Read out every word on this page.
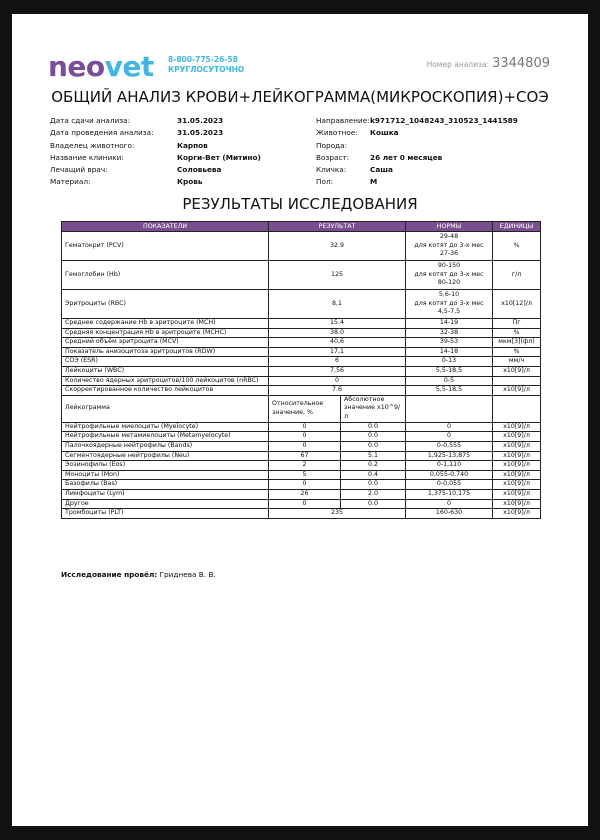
neovet 8-800-775-26-58
КРУГЛОСУТОЧНО
Номер анализа: 3344809
ОБЩИЙ АНАЛИЗ КРОВИ+ЛЕЙКОГРАММА(МИКРОСКОПИЯ)+СОЭ
Дата сдачи анализа:	31.05.2023
Дата проведения анализа:	31.05.2023
Владелец животного:	Карпов
Название клиники:	Корги-Вет (Митино)
Лечащий врач:	Соловьева
Материал:	Кровь
Направление: k971712_1048243_310523_1441589
Животное:	Кошка
Порода:
Возраст:	26 лет 0 месяцев
Кличка:	Саша
Пол:	М
РЕЗУЛЬТАТЫ ИССЛЕДОВАНИЯ
ПОКАЗАТЕЛИ	РЕЗУЛЬТАТ		НОРМЫ	ЕДИНИЦЫ
Гематокрит (PCV)	32.9		29-48
для котят до 3-х мес
27-36	%
Гемоглобин (Hb)	125		90-150
для котят до 3-х мес
80-120	г/л
Эритроциты (RBC)	8,1		5,6-10
для котят до 3-х мес
4,5-7,5	x10[12]/л
Среднее содержание Hb в эритроците (MCH)	15.4		14-19	Пг
Средняя концентрация Hb в эритроците (MCHC)	38.0		32-38	%
Средний объём эритроцита (MCV)	40,6		39-53	мкм[3](фл)
Показатель анизоцитоза эритроцитов (RDW)	17,1		14-18	%
СОЭ (ESR)	6		0-13	мм/ч
Лейкоциты (WBC)	7,56		5,5-18,5	x10[9]/л
Количество ядерных эритроцитов/100 лейкоцитов (nRBC)	0		0-5	

Скорректированное количество лейкоцитов	7.6		5,5-18,5	x10[9]/л
Лейкограмма	Относительное значение, %	Абсолютное значение x10^9/л		
Нейтрофильные миелоциты (Myelocyte)	0	0.0	0	x10[9]/л
Нейтрофильные метамиелоциты (Metamyelocyte)	0	0.0	0	x10[9]/л
Палочкоядерные нейтрофилы (Bands)	0	0.0	0-0,555	x10[9]/л
Сегментоядерные нейтрофилы (Neu)	67	5.1	1,925-13,875	x10[9]/л
Эозинофилы (Eos)	2	0.2	0-1,110	x10[9]/л
Моноциты (Mon)	5	0.4	0,055-0,740	x10[9]/л
Базофилы (Bas)	0	0.0	0-0,055	x10[9]/л
Лимфоциты (Lym)	26	2.0	1,375-10,175	x10[9]/л
Другое	0	0.0	0	x10[9]/л
Тромбоциты (PLT)	235		160-630	x10[9]/л
Исследование провёл: Гриднева В. В.
